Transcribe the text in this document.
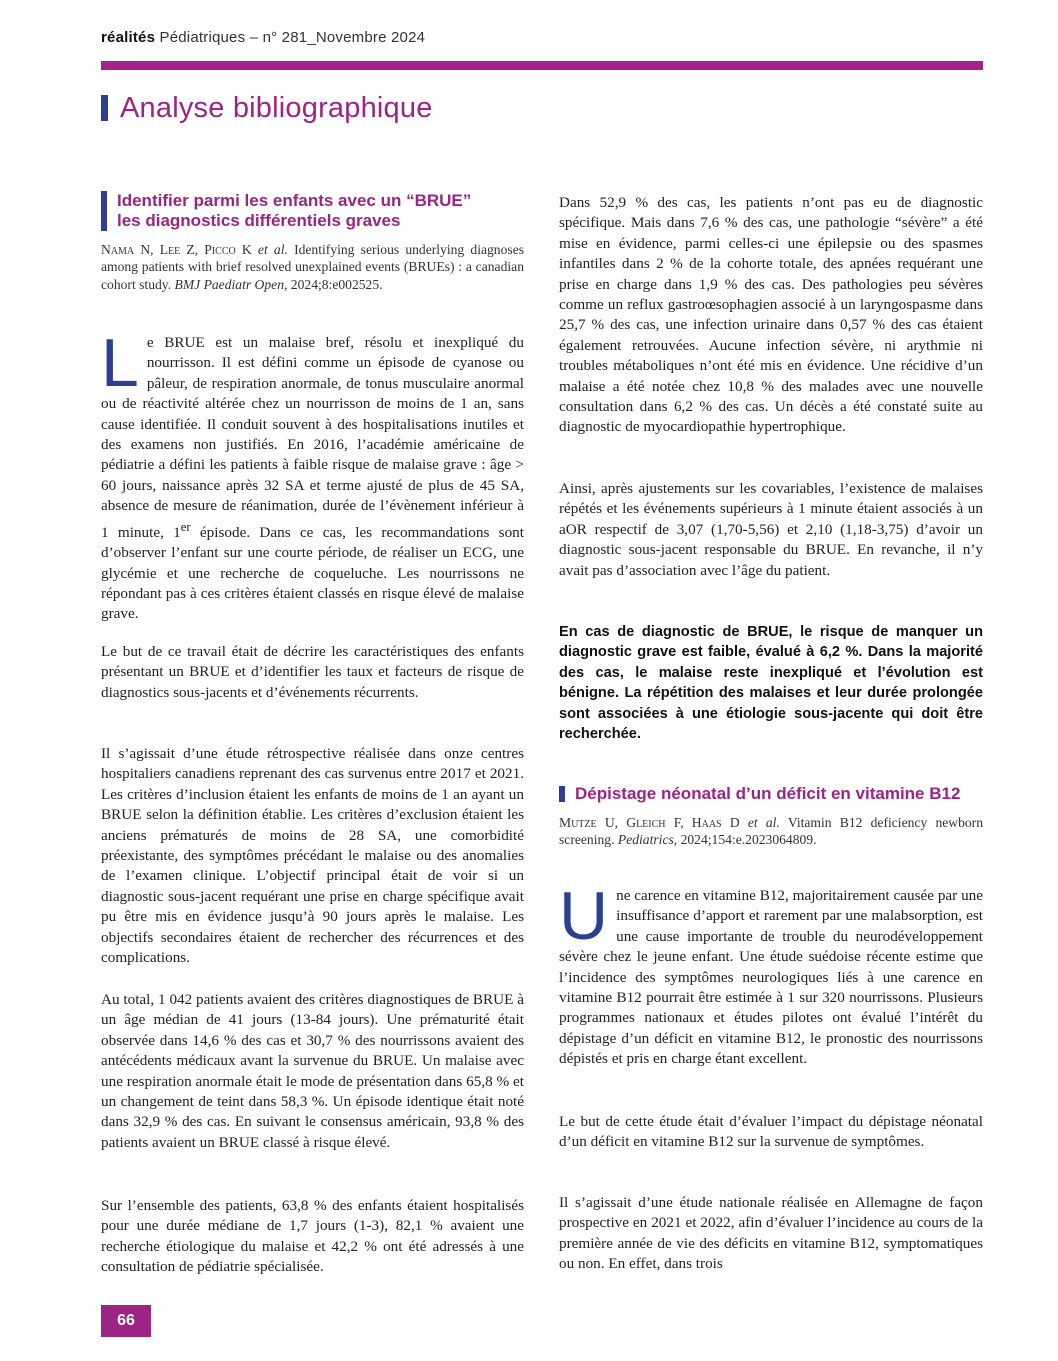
réalités Pédiatriques – n° 281_Novembre 2024
Analyse bibliographique
Identifier parmi les enfants avec un “BRUE”
les diagnostics différentiels graves

Nama N, Lee Z, Picco K et al. Identifying serious underlying diagnoses among patients with brief resolved unexplained events (BRUEs) : a canadian cohort study. BMJ Paediatr Open, 2024;8:e002525.

Le BRUE est un malaise bref, résolu et inexpliqué du nourrisson. Il est défini comme un épisode de cyanose ou pâleur, de respiration anormale, de tonus musculaire anormal ou de réactivité altérée chez un nourrisson de moins de 1 an, sans cause identifiée. Il conduit souvent à des hospitalisations inutiles et des examens non justifiés. En 2016, l’académie américaine de pédiatrie a défini les patients à faible risque de malaise grave : âge > 60 jours, naissance après 32 SA et terme ajusté de plus de 45 SA, absence de mesure de réanimation, durée de l’évènement inférieur à 1 minute, 1er épisode. Dans ce cas, les recommandations sont d’observer l’enfant sur une courte période, de réaliser un ECG, une glycémie et une recherche de coqueluche. Les nourrissons ne répondant pas à ces critères étaient classés en risque élevé de malaise grave.

Le but de ce travail était de décrire les caractéristiques des enfants présentant un BRUE et d’identifier les taux et facteurs de risque de diagnostics sous-jacents et d’événements récurrents.

Il s’agissait d’une étude rétrospective réalisée dans onze centres hospitaliers canadiens reprenant des cas survenus entre 2017 et 2021. Les critères d’inclusion étaient les enfants de moins de 1 an ayant un BRUE selon la définition établie. Les critères d’exclusion étaient les anciens prématurés de moins de 28 SA, une comorbidité préexistante, des symptômes précédant le malaise ou des anomalies de l’examen clinique. L’objectif principal était de voir si un diagnostic sous-jacent requérant une prise en charge spécifique avait pu être mis en évidence jusqu’à 90 jours après le malaise. Les objectifs secondaires étaient de rechercher des récurrences et des complications.

Au total, 1 042 patients avaient des critères diagnostiques de BRUE à un âge médian de 41 jours (13-84 jours). Une prématurité était observée dans 14,6 % des cas et 30,7 % des nourrissons avaient des antécédents médicaux avant la survenue du BRUE. Un malaise avec une respiration anormale était le mode de présentation dans 65,8 % et un changement de teint dans 58,3 %. Un épisode identique était noté dans 32,9 % des cas. En suivant le consensus américain, 93,8 % des patients avaient un BRUE classé à risque élevé.

Sur l’ensemble des patients, 63,8 % des enfants étaient hospitalisés pour une durée médiane de 1,7 jours (1-3), 82,1 % avaient une recherche étiologique du malaise et 42,2 % ont été adressés à une consultation de pédiatrie spécialisée.

Dans 52,9 % des cas, les patients n’ont pas eu de diagnostic spécifique. Mais dans 7,6 % des cas, une pathologie “sévère” a été mise en évidence, parmi celles-ci une épilepsie ou des spasmes infantiles dans 2 % de la cohorte totale, des apnées requérant une prise en charge dans 1,9 % des cas. Des pathologies peu sévères comme un reflux gastroœsophagien associé à un laryngospasme dans 25,7 % des cas, une infection urinaire dans 0,57 % des cas étaient également retrouvées. Aucune infection sévère, ni arythmie ni troubles métaboliques n’ont été mis en évidence. Une récidive d’un malaise a été notée chez 10,8 % des malades avec une nouvelle consultation dans 6,2 % des cas. Un décès a été constaté suite au diagnostic de myocardiopathie hypertrophique.

Ainsi, après ajustements sur les covariables, l’existence de malaises répétés et les événements supérieurs à 1 minute étaient associés à un aOR respectif de 3,07 (1,70-5,56) et 2,10 (1,18-3,75) d’avoir un diagnostic sous-jacent responsable du BRUE. En revanche, il n’y avait pas d’association avec l’âge du patient.

En cas de diagnostic de BRUE, le risque de manquer un diagnostic grave est faible, évalué à 6,2 %. Dans la majorité des cas, le malaise reste inexpliqué et l’évolution est bénigne. La répétition des malaises et leur durée prolongée sont associées à une étiologie sous-jacente qui doit être recherchée.

Dépistage néonatal d’un déficit en vitamine B12

Mutze U, Gleich F, Haas D et al. Vitamin B12 deficiency newborn screening. Pediatrics, 2024;154:e.2023064809.

Une carence en vitamine B12, majoritairement causée par une insuffisance d’apport et rarement par une malabsorption, est une cause importante de trouble du neurodéveloppement sévère chez le jeune enfant. Une étude suédoise récente estime que l’incidence des symptômes neurologiques liés à une carence en vitamine B12 pourrait être estimée à 1 sur 320 nourrissons. Plusieurs programmes nationaux et études pilotes ont évalué l’intérêt du dépistage d’un déficit en vitamine B12, le pronostic des nourrissons dépistés et pris en charge étant excellent.

Le but de cette étude était d’évaluer l’impact du dépistage néonatal d’un déficit en vitamine B12 sur la survenue de symptômes.

Il s’agissait d’une étude nationale réalisée en Allemagne de façon prospective en 2021 et 2022, afin d’évaluer l’incidence au cours de la première année de vie des déficits en vitamine B12, symptomatiques ou non. En effet, dans trois

66
